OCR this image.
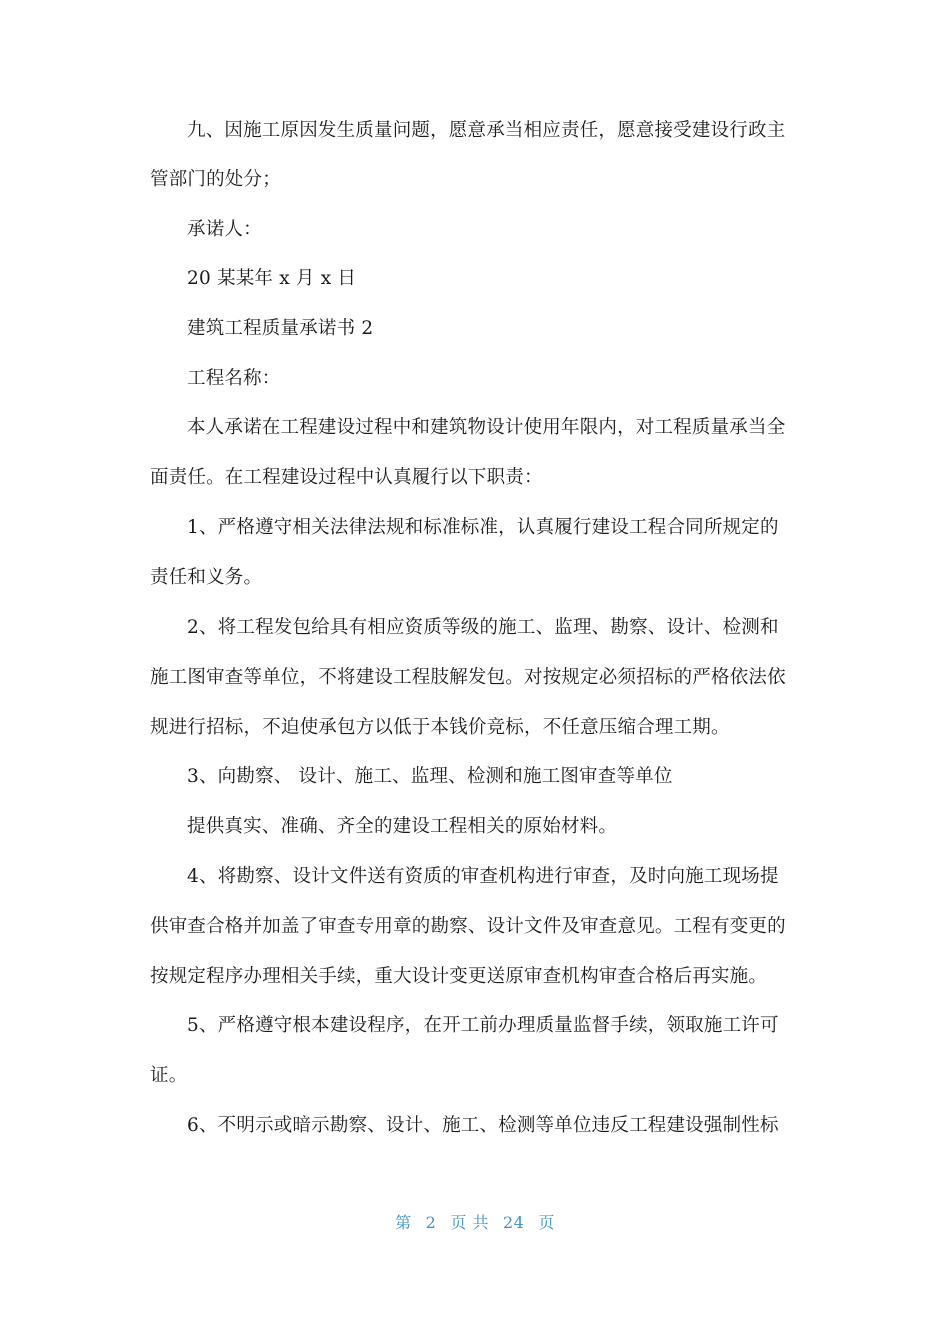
九、因施工原因发生质量问题，愿意承当相应责任，愿意接受建设行政主
管部门的处分；
承诺人：
20 某某年 x 月 x 日
建筑工程质量承诺书 2
工程名称：
本人承诺在工程建设过程中和建筑物设计使用年限内，对工程质量承当全
面责任。在工程建设过程中认真履行以下职责：
1、严格遵守相关法律法规和标准标准，认真履行建设工程合同所规定的
责任和义务。
2、将工程发包给具有相应资质等级的施工、监理、勘察、设计、检测和
施工图审查等单位，不将建设工程肢解发包。对按规定必须招标的严格依法依
规进行招标，不迫使承包方以低于本钱价竞标，不任意压缩合理工期。
3、向勘察、 设计、施工、监理、检测和施工图审查等单位
提供真实、准确、齐全的建设工程相关的原始材料。
4、将勘察、设计文件送有资质的审查机构进行审查，及时向施工现场提
供审查合格并加盖了审查专用章的勘察、设计文件及审查意见。工程有变更的
按规定程序办理相关手续，重大设计变更送原审查机构审查合格后再实施。
5、严格遵守根本建设程序，在开工前办理质量监督手续，领取施工许可
证。
6、不明示或暗示勘察、设计、施工、检测等单位违反工程建设强制性标
第 2 页 共 24 页
